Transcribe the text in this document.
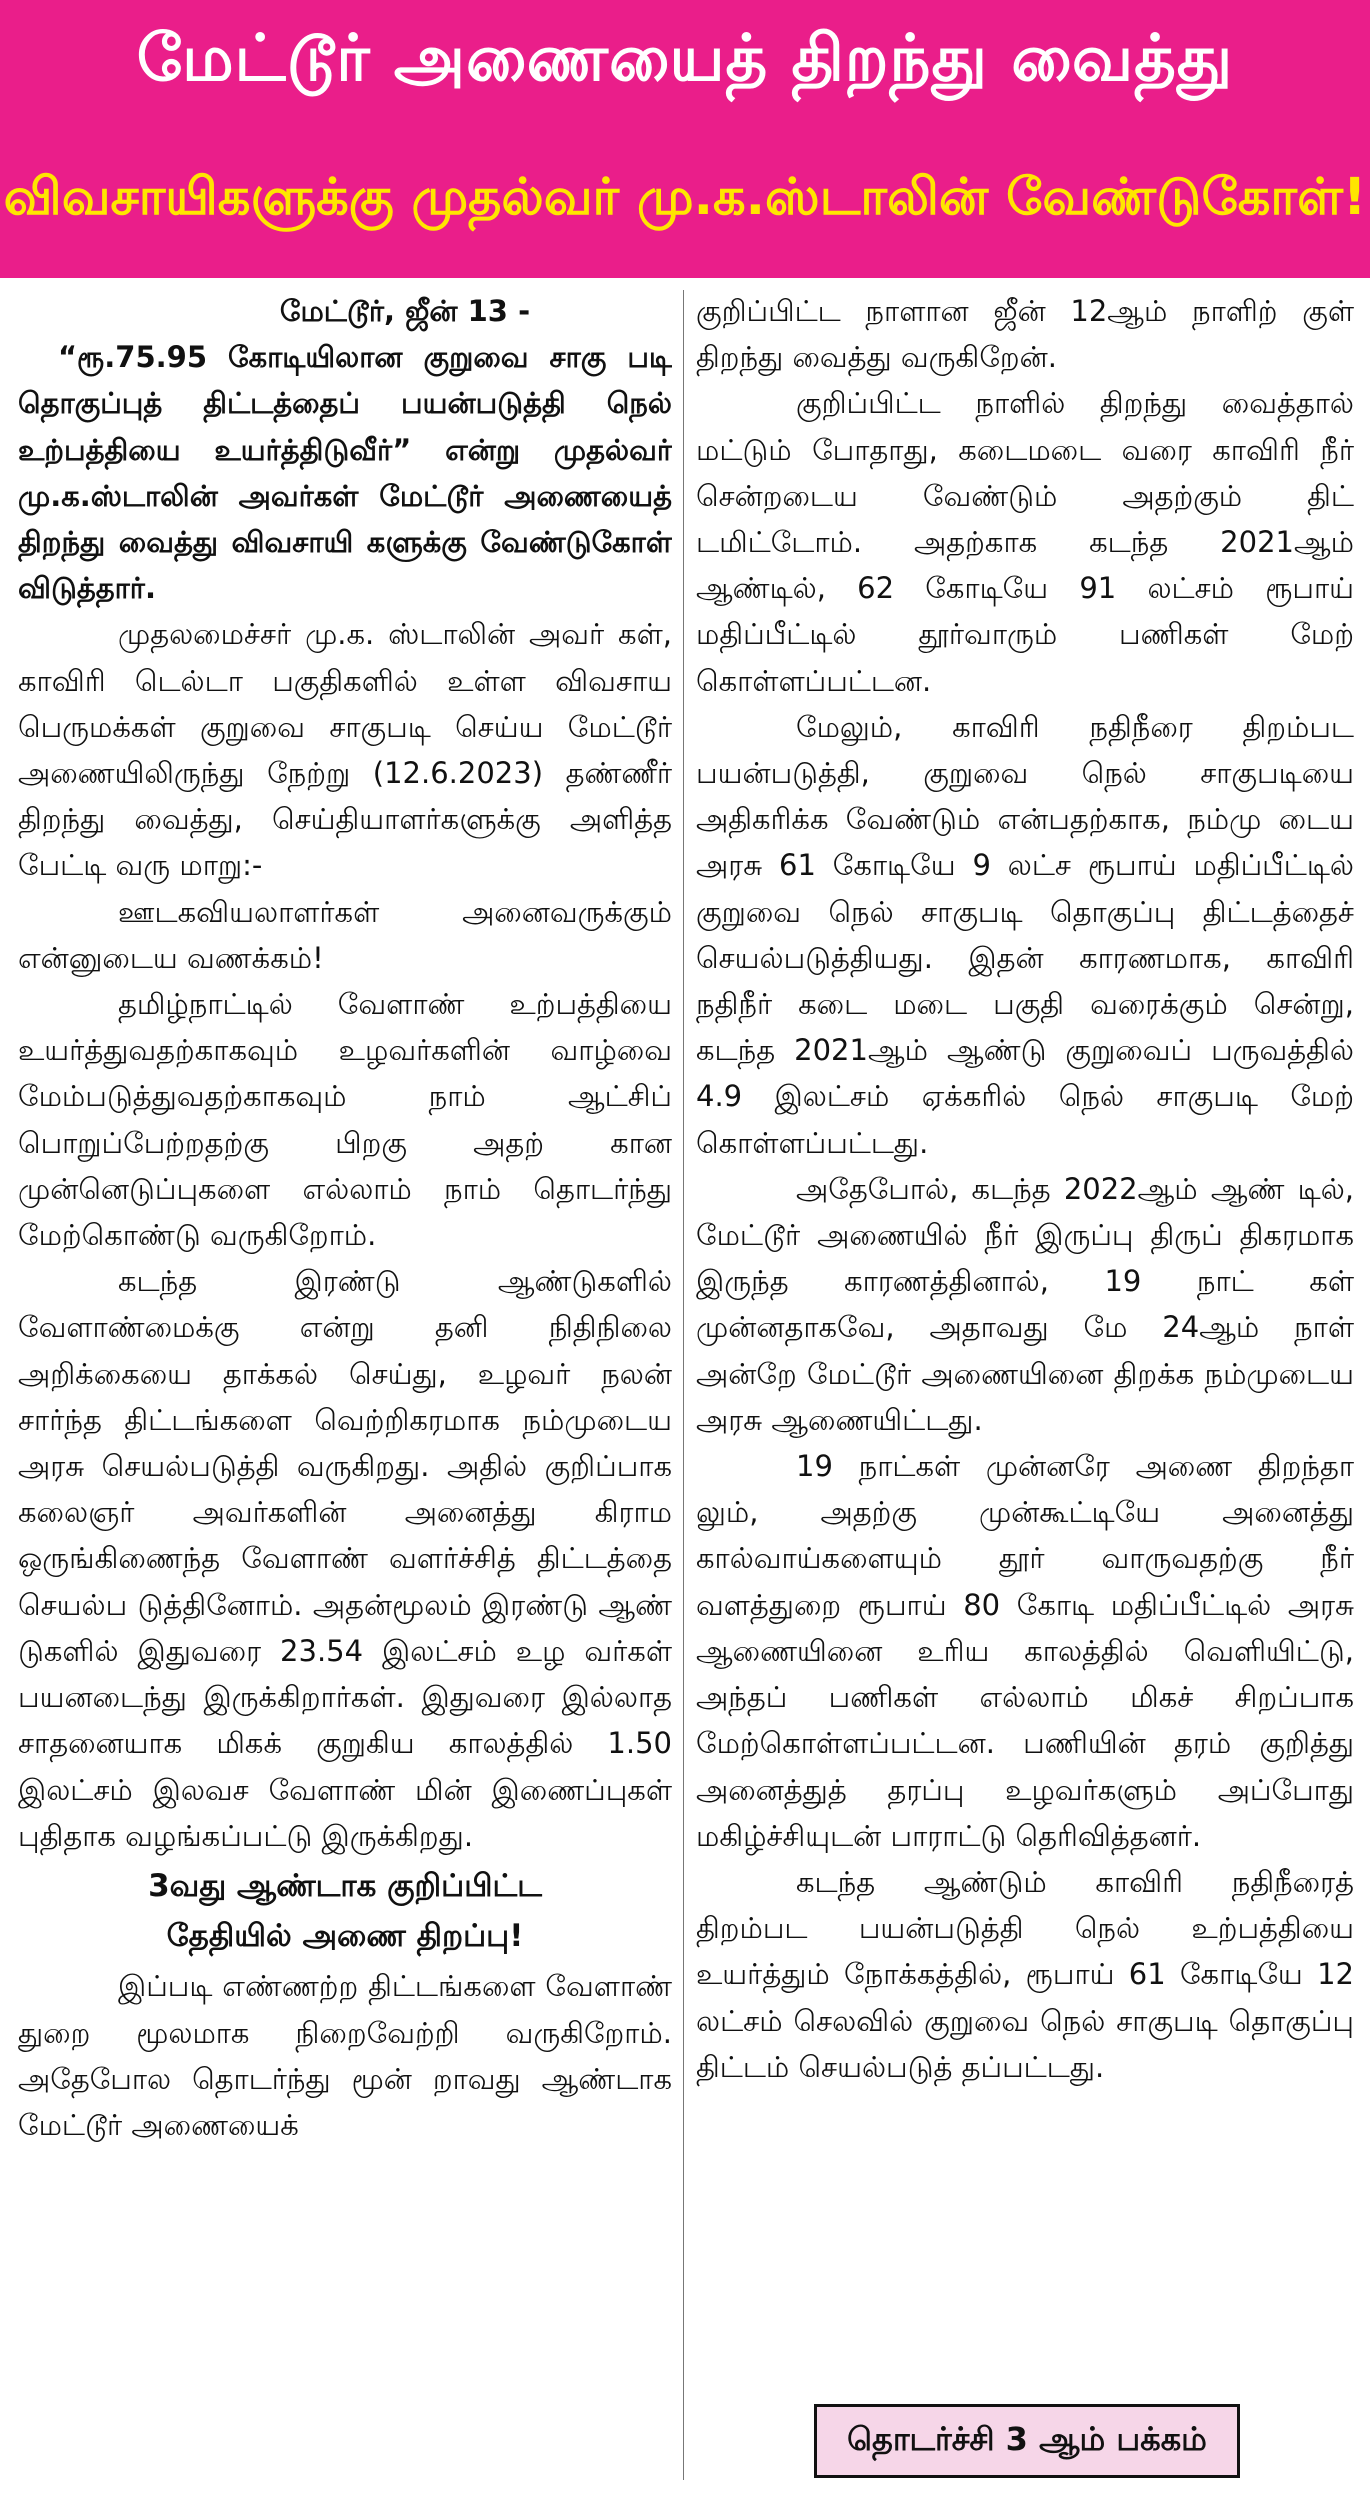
மேட்டூர் அணையைத் திறந்து வைத்து
விவசாயிகளுக்கு முதல்வர் மு.க.ஸ்டாலின் வேண்டுகோள்!

மேட்டூர், ஜீன் 13 -

“ரூ.75.95 கோடியிலான குறுவை சாகு படி தொகுப்புத் திட்டத்தைப் பயன்படுத்தி நெல் உற்பத்தியை உயர்த்திடுவீர்” என்று முதல்வர் மு.க.ஸ்டாலின் அவர்கள் மேட்டூர் அணையைத் திறந்து வைத்து விவசாயி களுக்கு வேண்டுகோள் விடுத்தார்.

முதலமைச்சர் மு.க. ஸ்டாலின் அவர் கள், காவிரி டெல்டா பகுதிகளில் உள்ள விவசாய பெருமக்கள் குறுவை சாகுபடி செய்ய மேட்டூர் அணையிலிருந்து நேற்று (12.6.2023) தண்ணீர் திறந்து வைத்து, செய்தியாளர்களுக்கு அளித்த பேட்டி வரு மாறு:-

ஊடகவியலாளர்கள் அனைவருக்கும் என்னுடைய வணக்கம்!

தமிழ்நாட்டில் வேளாண் உற்பத்தியை உயர்த்துவதற்காகவும் உழவர்களின் வாழ்வை மேம்படுத்துவதற்காகவும் நாம் ஆட்சிப் பொறுப்பேற்றதற்கு பிறகு அதற் கான முன்னெடுப்புகளை எல்லாம் நாம் தொடர்ந்து மேற்கொண்டு வருகிறோம்.

கடந்த இரண்டு ஆண்டுகளில் வேளாண்மைக்கு என்று தனி நிதிநிலை அறிக்கையை தாக்கல் செய்து, உழவர் நலன் சார்ந்த திட்டங்களை வெற்றிகரமாக நம்முடைய அரசு செயல்படுத்தி வருகிறது. அதில் குறிப்பாக கலைஞர் அவர்களின் அனைத்து கிராம ஒருங்கிணைந்த வேளாண் வளர்ச்சித் திட்டத்தை செயல்ப டுத்தினோம். அதன்மூலம் இரண்டு ஆண் டுகளில் இதுவரை 23.54 இலட்சம் உழ வர்கள் பயனடைந்து இருக்கிறார்கள். இதுவரை இல்லாத சாதனையாக மிகக் குறுகிய காலத்தில் 1.50 இலட்சம் இலவச வேளாண் மின் இணைப்புகள் புதிதாக வழங்கப்பட்டு இருக்கிறது.

3வது ஆண்டாக குறிப்பிட்ட

தேதியில் அணை திறப்பு!

இப்படி எண்ணற்ற திட்டங்களை வேளாண் துறை மூலமாக நிறைவேற்றி வருகிறோம். அதேபோல தொடர்ந்து மூன் றாவது ஆண்டாக மேட்டூர் அணையைக்

குறிப்பிட்ட நாளான ஜீன் 12ஆம் நாளிற் குள் திறந்து வைத்து வருகிறேன்.

குறிப்பிட்ட நாளில் திறந்து வைத்தால் மட்டும் போதாது, கடைமடை வரை காவிரி நீர் சென்றடைய வேண்டும் அதற்கும் திட் டமிட்டோம். அதற்காக கடந்த 2021ஆம் ஆண்டில், 62 கோடியே 91 லட்சம் ரூபாய் மதிப்பீட்டில் தூர்வாரும் பணிகள் மேற் கொள்ளப்பட்டன.

மேலும், காவிரி நதிநீரை திறம்பட பயன்படுத்தி, குறுவை நெல் சாகுபடியை அதிகரிக்க வேண்டும் என்பதற்காக, நம்மு டைய அரசு 61 கோடியே 9 லட்ச ரூபாய் மதிப்பீட்டில் குறுவை நெல் சாகுபடி தொகுப்பு திட்டத்தைச் செயல்படுத்தியது. இதன் காரணமாக, காவிரி நதிநீர் கடை மடை பகுதி வரைக்கும் சென்று, கடந்த 2021ஆம் ஆண்டு குறுவைப் பருவத்தில் 4.9 இலட்சம் ஏக்கரில் நெல் சாகுபடி மேற் கொள்ளப்பட்டது.

அதேபோல், கடந்த 2022ஆம் ஆண் டில், மேட்டூர் அணையில் நீர் இருப்பு திருப் திகரமாக இருந்த காரணத்தினால், 19 நாட் கள் முன்னதாகவே, அதாவது மே 24ஆம் நாள் அன்றே மேட்டூர் அணையினை திறக்க நம்முடைய அரசு ஆணையிட்டது.

19 நாட்கள் முன்னரே அணை திறந்தா லும், அதற்கு முன்கூட்டியே அனைத்து கால்வாய்களையும் தூர் வாருவதற்கு நீர் வளத்துறை ரூபாய் 80 கோடி மதிப்பீட்டில் அரசு ஆணையினை உரிய காலத்தில் வெளியிட்டு, அந்தப் பணிகள் எல்லாம் மிகச் சிறப்பாக மேற்கொள்ளப்பட்டன. பணியின் தரம் குறித்து அனைத்துத் தரப்பு உழவர்களும் அப்போது மகிழ்ச்சியுடன் பாராட்டு தெரிவித்தனர்.

கடந்த ஆண்டும் காவிரி நதிநீரைத் திறம்பட பயன்படுத்தி நெல் உற்பத்தியை உயர்த்தும் நோக்கத்தில், ரூபாய் 61 கோடியே 12 லட்சம் செலவில் குறுவை நெல் சாகுபடி தொகுப்பு திட்டம் செயல்படுத் தப்பட்டது.

தொடர்ச்சி 3 ஆம் பக்கம்
